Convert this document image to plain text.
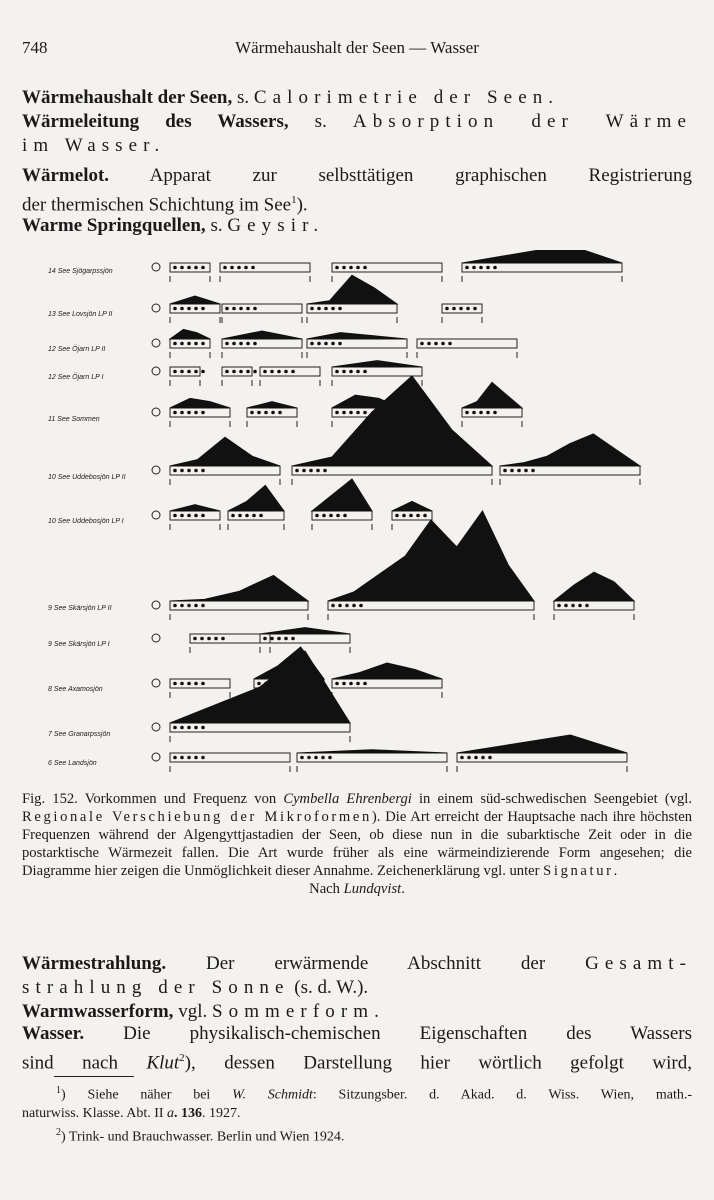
748	Wärmehaushalt der Seen — Wasser
Wärmehaushalt der Seen, s. Calorimetrie der Seen.
Wärmeleitung des Wassers, s. Absorption der Wärme
im Wasser.
Wärmelot. Apparat zur selbsttätigen graphischen Registrierung
der thermischen Schichtung im See$^1$).
Warme Springquellen, s. Geysir.
14 See Sjögarpssjön
13 See Lovsjön LP II
12 See Öjarn LP II
12 See Öjarn LP I
11 See Sommen
10 See Uddebosjön LP II
10 See Uddebosjön LP I
9 See Skärsjön LP II
9 See Skärsjön LP I
8 See Axamosjön
7 See Granarpssjön
6 See Landsjön
Fig. 152. Vorkommen und Frequenz von Cymbella Ehrenbergi in einem süd-schwedischen Seengebiet (vgl. Regionale Verschiebung der Mikroformen). Die Art erreicht der Hauptsache nach ihre höchsten Frequenzen während der Algengyttjastadien der Seen, ob diese nun in die subarktische Zeit oder in die postarktische Wärmezeit fallen. Die Art wurde früher als eine wärmeindizierende Form angesehen; die Diagramme hier zeigen die Unmöglichkeit dieser Annahme. Zeichenerklärung vgl. unter Signatur.
Nach Lundqvist.
Wärmestrahlung. Der erwärmende Abschnitt der Gesamt-
strahlung der Sonne (s. d. W.).
Warmwasserform, vgl. Sommerform.
Wasser. Die physikalisch-chemischen Eigenschaften des Wassers
sind nach Klut$^2$), dessen Darstellung hier wörtlich gefolgt wird,
$^1$) Siehe näher bei W. Schmidt: Sitzungsber. d. Akad. d. Wiss. Wien, math.-
naturwiss. Klasse. Abt. II a. 136. 1927.
$^2$) Trink- und Brauchwasser. Berlin und Wien 1924.
